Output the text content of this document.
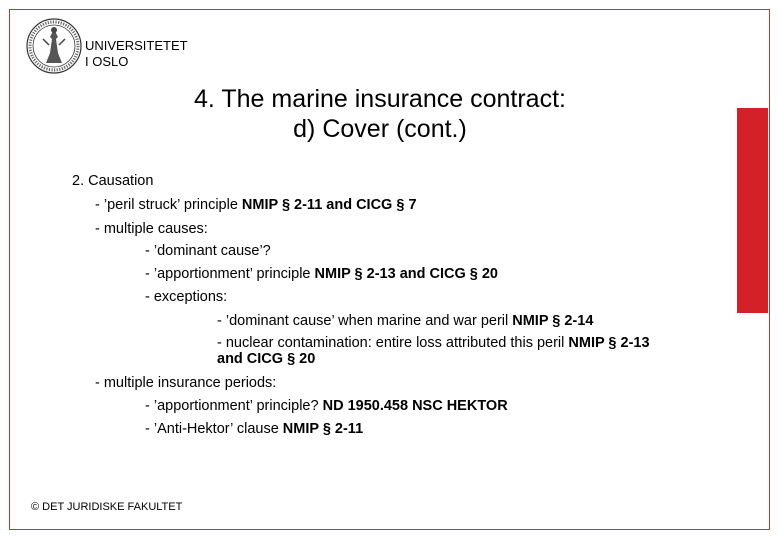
UNIVERSITETET
I OSLO
4. The marine insurance contract:
d) Cover (cont.)
2. Causation
- ’peril struck’ principle NMIP § 2-11 and CICG § 7
- multiple causes:
- ’dominant cause’?
- ’apportionment’ principle NMIP § 2-13 and CICG § 20
- exceptions:
- ’dominant cause’ when marine and war peril NMIP § 2-14
- nuclear contamination: entire loss attributed this peril NMIP § 2-13
and CICG § 20
- multiple insurance periods:
- ’apportionment’ principle? ND 1950.458 NSC HEKTOR
- ’Anti-Hektor’ clause NMIP § 2-11
© DET JURIDISKE FAKULTET
